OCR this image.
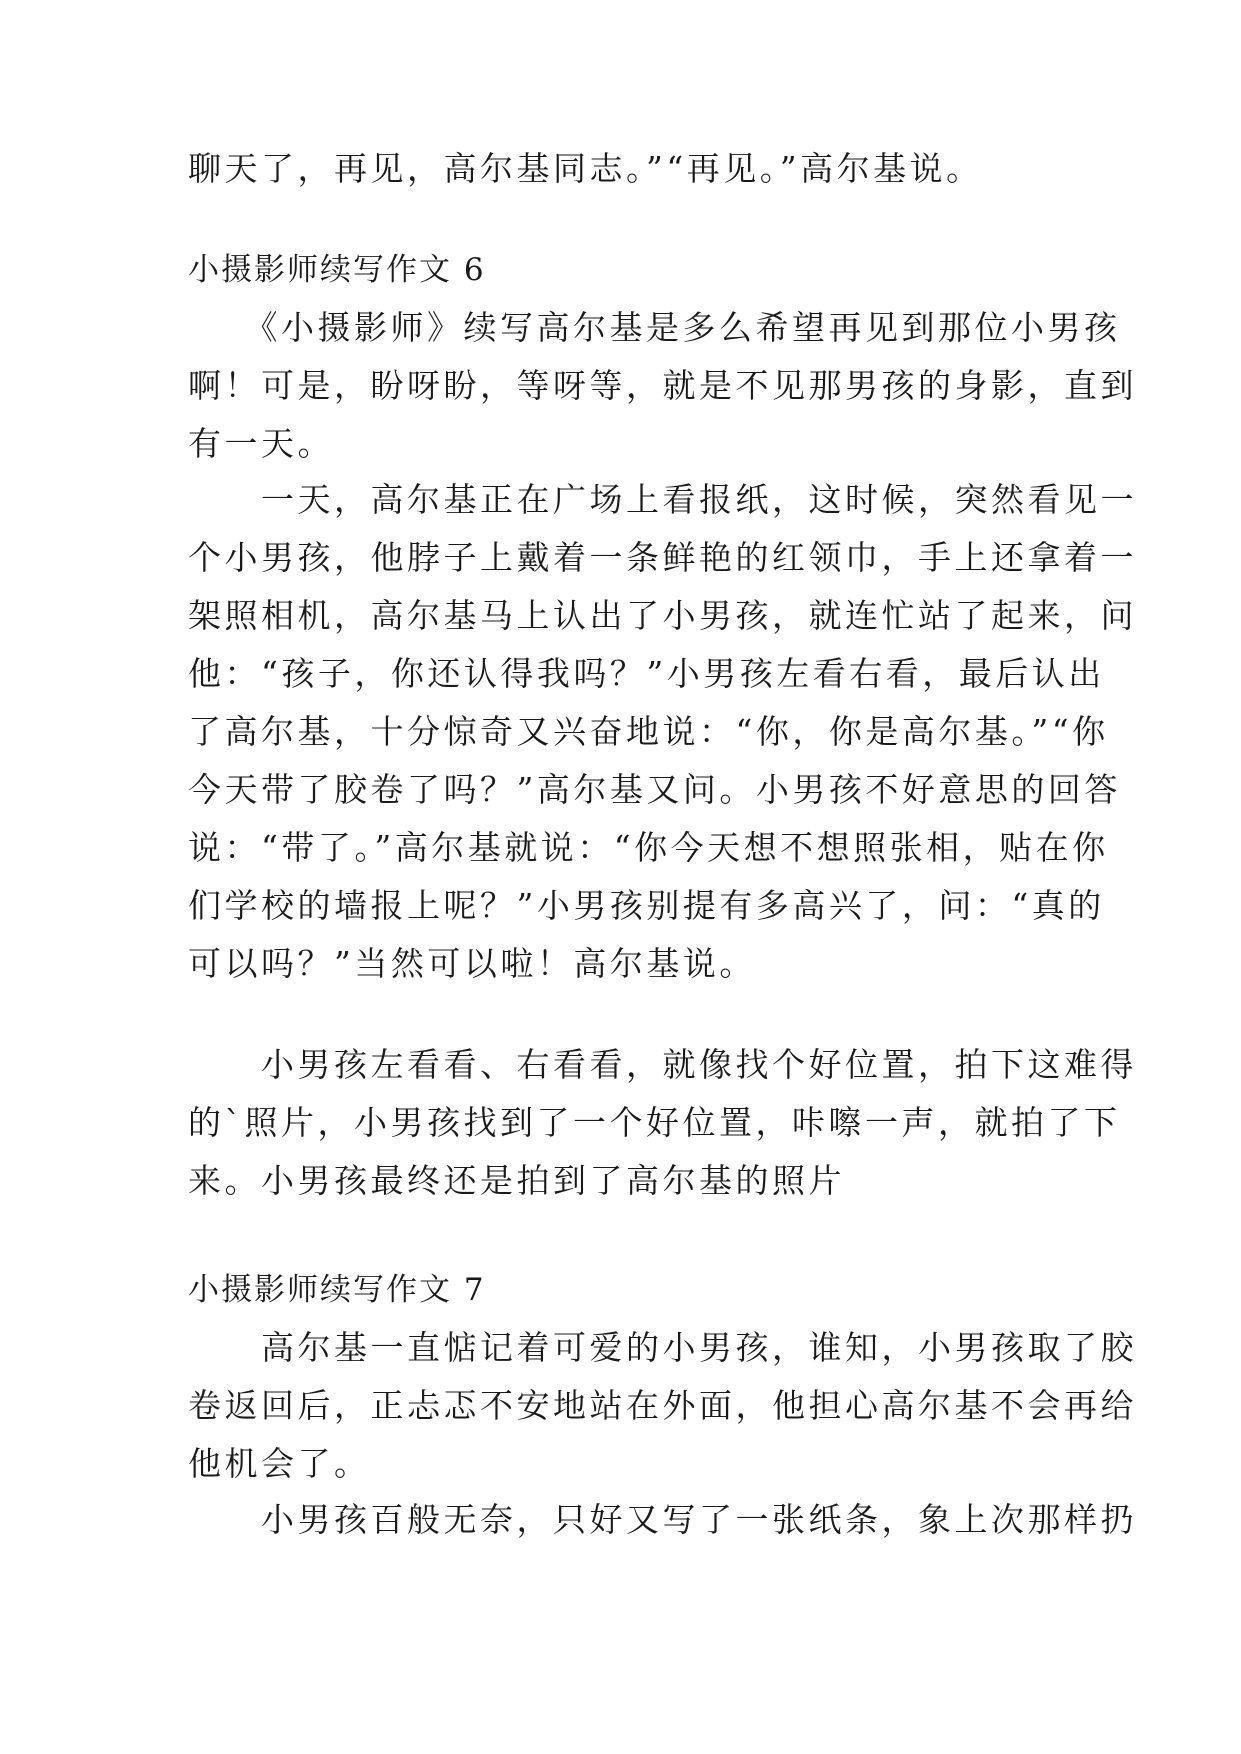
聊天了，再见，高尔基同志。”“再见。”高尔基说。
小摄影师续写作文 6
　　《小摄影师》续写高尔基是多么希望再见到那位小男孩
啊！可是，盼呀盼，等呀等，就是不见那男孩的身影，直到
有一天。
　　一天，高尔基正在广场上看报纸，这时候，突然看见一
个小男孩，他脖子上戴着一条鲜艳的红领巾，手上还拿着一
架照相机，高尔基马上认出了小男孩，就连忙站了起来，问
他：“孩子，你还认得我吗？”小男孩左看右看，最后认出
了高尔基，十分惊奇又兴奋地说：“你，你是高尔基。”“你
今天带了胶卷了吗？”高尔基又问。小男孩不好意思的回答
说：“带了。”高尔基就说：“你今天想不想照张相，贴在你
们学校的墙报上呢？”小男孩别提有多高兴了，问：“真的
可以吗？”当然可以啦！高尔基说。
　　小男孩左看看、右看看，就像找个好位置，拍下这难得
的`照片，小男孩找到了一个好位置，咔嚓一声，就拍了下
来。小男孩最终还是拍到了高尔基的照片
小摄影师续写作文 7
　　高尔基一直惦记着可爱的小男孩，谁知，小男孩取了胶
卷返回后，正忐忑不安地站在外面，他担心高尔基不会再给
他机会了。
　　小男孩百般无奈，只好又写了一张纸条，象上次那样扔
